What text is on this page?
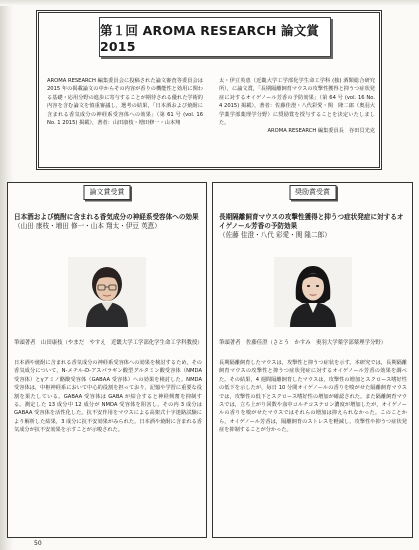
第１回 AROMA RESEARCH 論文賞 2015
AROMA RESEARCH 編集委員会に投稿された論文審査等委員会は 2015 年の掲載論文の中からその内容が香りの機能性と効用に関わる基礎・応用分野の進歩に寄与することが期待される優れた学術的内容を含む論文を慎重審議し，選考の結果，「日本酒および焼酎に含まれる香気成分の神経系受容体への効果」（第 61 号 (vol. 16 No. 1 2015) 掲載），著者：山田康枝・増田修一・山本翔
太・伊豆英恵（近畿大学工学部化学生命工学科 (独) 酒類総合研究所），に論文賞，「長期隔離飼育マウスの攻撃性獲得と抑うつ症状発症に対するオイゲノール芳香の予防効果」（第 64 号 (vol. 16 No. 4 2015) 掲載），著者：佐藤佳澄・八代彩愛・関　隆二郎（奥羽大学薬学部薬理学分野）に奨励賞を授与することを決定いたしました。
AROMA RESEARCH 編集委員長　谷田貝光克
論文賞受賞
日本酒および焼酎に含まれる香気成分の神経系受容体への効果 （山田 康枝・増田 修一・山本 翔太・伊豆 英恵）
筆頭著者　山田康枝（やまだ　やすえ　近畿大学工学部化学生命工学科教授）
日本酒や焼酎に含まれる香気成分の神経系受容体への効果を検討するため，その香気成分について，N-メチル-D-アスパラギン酸型グルタミン酸受容体（NMDA 受容体）とγアミノ酪酸受容体（GABAA 受容体）への効果を検討した。NMDA 受容体は，中枢神経系において中心的役割を担っており，記憶や学習に重要な役割を果たしている。GABAA 受容体は GABA が結合すると神経興奮を抑制する。測定した 13 成分中 12 成分が NMDA 受容体を阻害し，その内 3 成分は GABAA 受容体を活性化した。抗不安作用をマウスによる高架式十字迷路試験により解析した結果，3 成分に抗不安効果がみられた。日本酒や焼酎に含まれる香気成分が抗不安効果を示すことが示唆された。
奨励賞受賞
長期隔離飼育マウスの攻撃性獲得と抑うつ症状発症に対するオイゲノール芳香の予防効果 （佐藤 佳澄・八代 彩愛・関 隆二郎）
筆頭著者　佐藤佳澄（さとう　かすみ　奥羽大学薬学部薬理学分野）
長期隔離飼育したマウスは，攻撃性と抑うつ症状を示す。本研究では，長期隔離飼育マウスの攻撃性と抑うつ症状発症に対するオイゲノール芳香の効果を調べた。その結果，4 週間隔離飼育したマウスは，攻撃性の増加とスクロース嗜好性の低下を示したが，毎日 10 分間オイゲノールの香りを嗅がせた隔離飼育マウスでは，攻撃性の低下とスクロース嗜好性の増加が確認された。また隔離飼育マウスでは，立ち上がり回数や血中コルチコステロン濃度が増加したが，オイゲノールの香りを嗅がせたマウスではそれらの増加は抑えられなかった。このことから，オイゲノール芳香は，隔離飼育のストレスを軽減し，攻撃性や抑うつ症状発症を抑制することが分かった。
50
